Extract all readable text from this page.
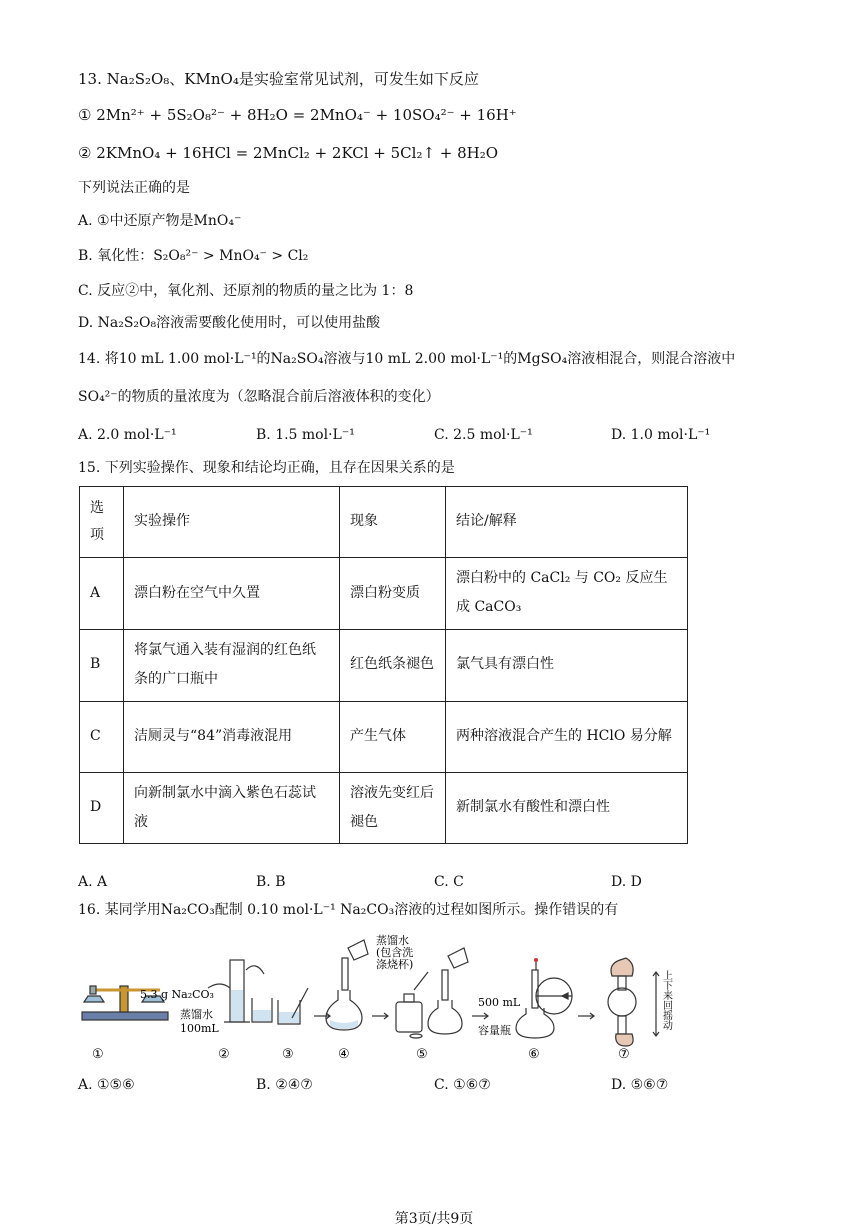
13. Na₂S₂O₈、KMnO₄是实验室常见试剂，可发生如下反应
① 2Mn²⁺ + 5S₂O₈²⁻ + 8H₂O = 2MnO₄⁻ + 10SO₄²⁻ + 16H⁺
② 2KMnO₄ + 16HCl = 2MnCl₂ + 2KCl + 5Cl₂↑ + 8H₂O
下列说法正确的是
A. ①中还原产物是MnO₄⁻
B. 氧化性：S₂O₈²⁻ > MnO₄⁻ > Cl₂
C. 反应②中，氧化剂、还原剂的物质的量之比为 1：8
D. Na₂S₂O₈溶液需要酸化使用时，可以使用盐酸
14. 将10 mL 1.00 mol·L⁻¹的Na₂SO₄溶液与10 mL 2.00 mol·L⁻¹的MgSO₄溶液相混合，则混合溶液中
SO₄²⁻的物质的量浓度为（忽略混合前后溶液体积的变化）
A. 2.0 mol·L⁻¹	B. 1.5 mol·L⁻¹	C. 2.5 mol·L⁻¹	D. 1.0 mol·L⁻¹
15. 下列实验操作、现象和结论均正确，且存在因果关系的是
选项	实验操作	现象	结论/解释
A	漂白粉在空气中久置	漂白粉变质	漂白粉中的 CaCl₂ 与 CO₂ 反应生成 CaCO₃
B	将氯气通入装有湿润的红色纸条的广口瓶中	红色纸条褪色	氯气具有漂白性
C	洁厕灵与“84”消毒液混用	产生气体	两种溶液混合产生的 HClO 易分解
D	向新制氯水中滴入紫色石蕊试液	溶液先变红后褪色	新制氯水有酸性和漂白性
A. A	B. B	C. C	D. D
16. 某同学用Na₂CO₃配制 0.10 mol·L⁻¹ Na₂CO₃溶液的过程如图所示。操作错误的有
5.3 g Na₂CO₃
蒸馏水
100mL
蒸馏水
(包含洗
涤烧杯)
500 mL
容量瓶
上下来回摇动
①	②	③	④	⑤	⑥	⑦
A. ①⑤⑥	B. ②④⑦	C. ①⑥⑦	D. ⑤⑥⑦
第3页/共9页
